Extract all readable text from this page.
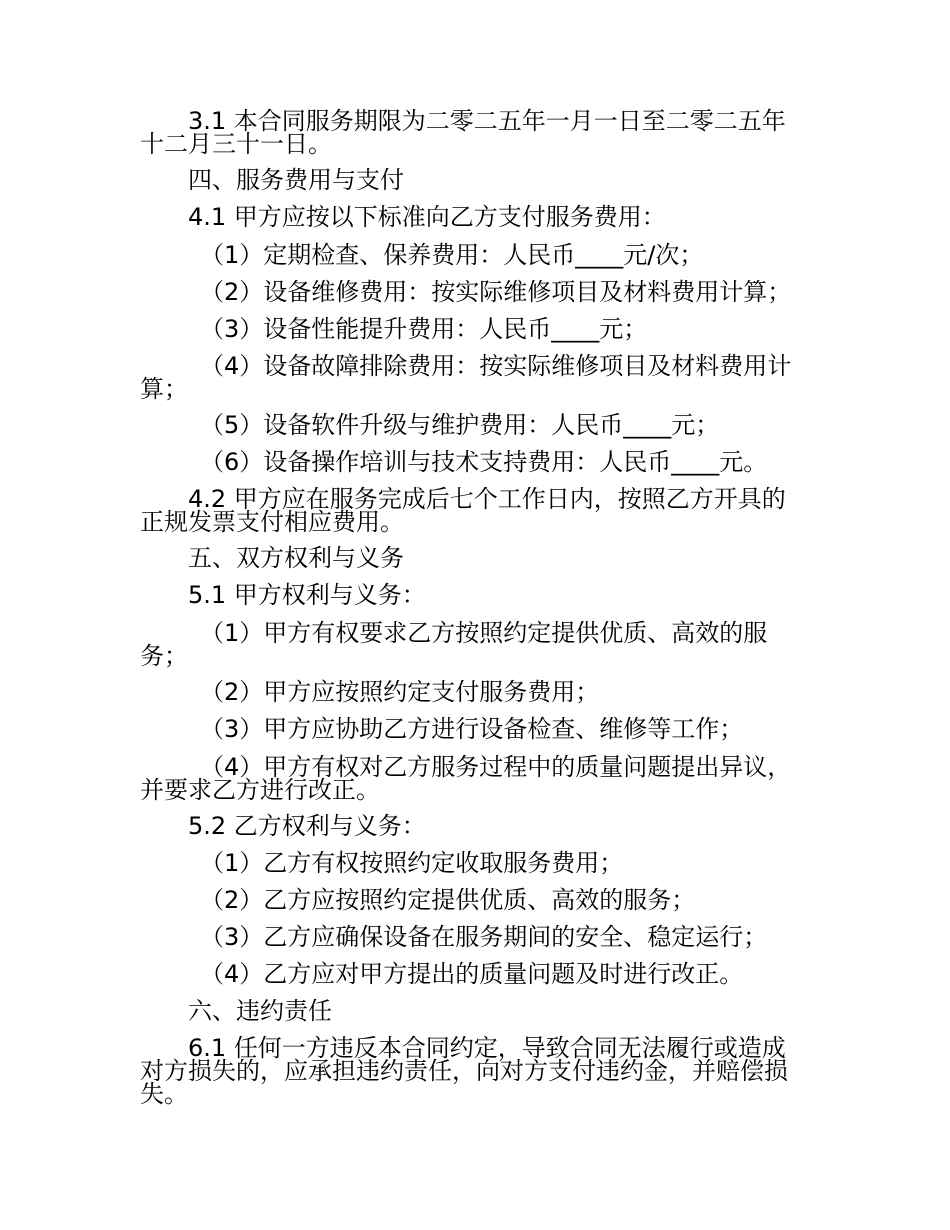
3.1 本合同服务期限为二零二五年一月一日至二零二五年

十二月三十一日。

四、服务费用与支付

4.1 甲方应按以下标准向乙方支付服务费用：

（1）定期检查、保养费用：人民币____元/次；

（2）设备维修费用：按实际维修项目及材料费用计算；

（3）设备性能提升费用：人民币____元；

（4）设备故障排除费用：按实际维修项目及材料费用计

算；

（5）设备软件升级与维护费用：人民币____元；

（6）设备操作培训与技术支持费用：人民币____元。

4.2 甲方应在服务完成后七个工作日内，按照乙方开具的

正规发票支付相应费用。

五、双方权利与义务

5.1 甲方权利与义务：

（1）甲方有权要求乙方按照约定提供优质、高效的服

务；

（2）甲方应按照约定支付服务费用；

（3）甲方应协助乙方进行设备检查、维修等工作；

（4）甲方有权对乙方服务过程中的质量问题提出异议，

并要求乙方进行改正。

5.2 乙方权利与义务：

（1）乙方有权按照约定收取服务费用；

（2）乙方应按照约定提供优质、高效的服务；

（3）乙方应确保设备在服务期间的安全、稳定运行；

（4）乙方应对甲方提出的质量问题及时进行改正。

六、违约责任

6.1 任何一方违反本合同约定，导致合同无法履行或造成

对方损失的，应承担违约责任，向对方支付违约金，并赔偿损

失。
